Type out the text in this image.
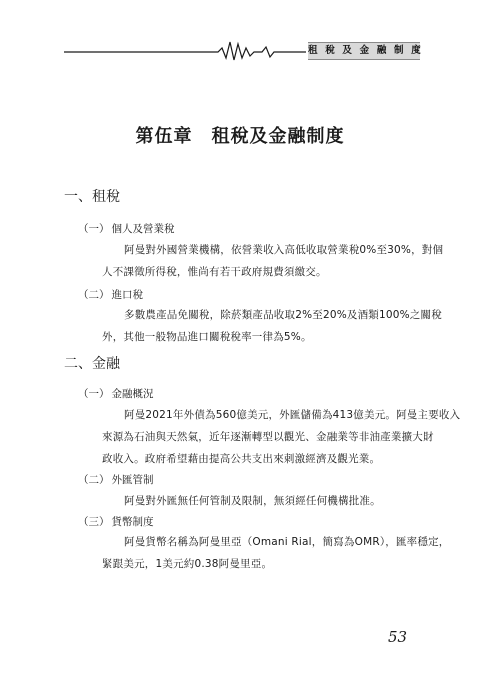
租 稅 及 金 融 制 度
第伍章　租稅及金融制度
一、租稅
（一） 個人及營業稅
阿曼對外國營業機構，依營業收入高低收取營業稅0%至30%，對個
人不課徵所得稅，惟尚有若干政府規費須繳交。
（二） 進口稅
多數農產品免關稅，除菸類產品收取2%至20%及酒類100%之關稅
外，其他一般物品進口關稅稅率一律為5%。
二、金融
（一） 金融概況
阿曼2021年外債為560億美元，外匯儲備為413億美元。阿曼主要收入
來源為石油與天然氣，近年逐漸轉型以觀光、金融業等非油產業擴大財
政收入。政府希望藉由提高公共支出來刺激經濟及觀光業。
（二） 外匯管制
阿曼對外匯無任何管制及限制，無須經任何機構批准。
（三） 貨幣制度
阿曼貨幣名稱為阿曼里亞（Omani Rial，簡寫為OMR），匯率穩定，
緊跟美元，1美元約0.38阿曼里亞。
53
